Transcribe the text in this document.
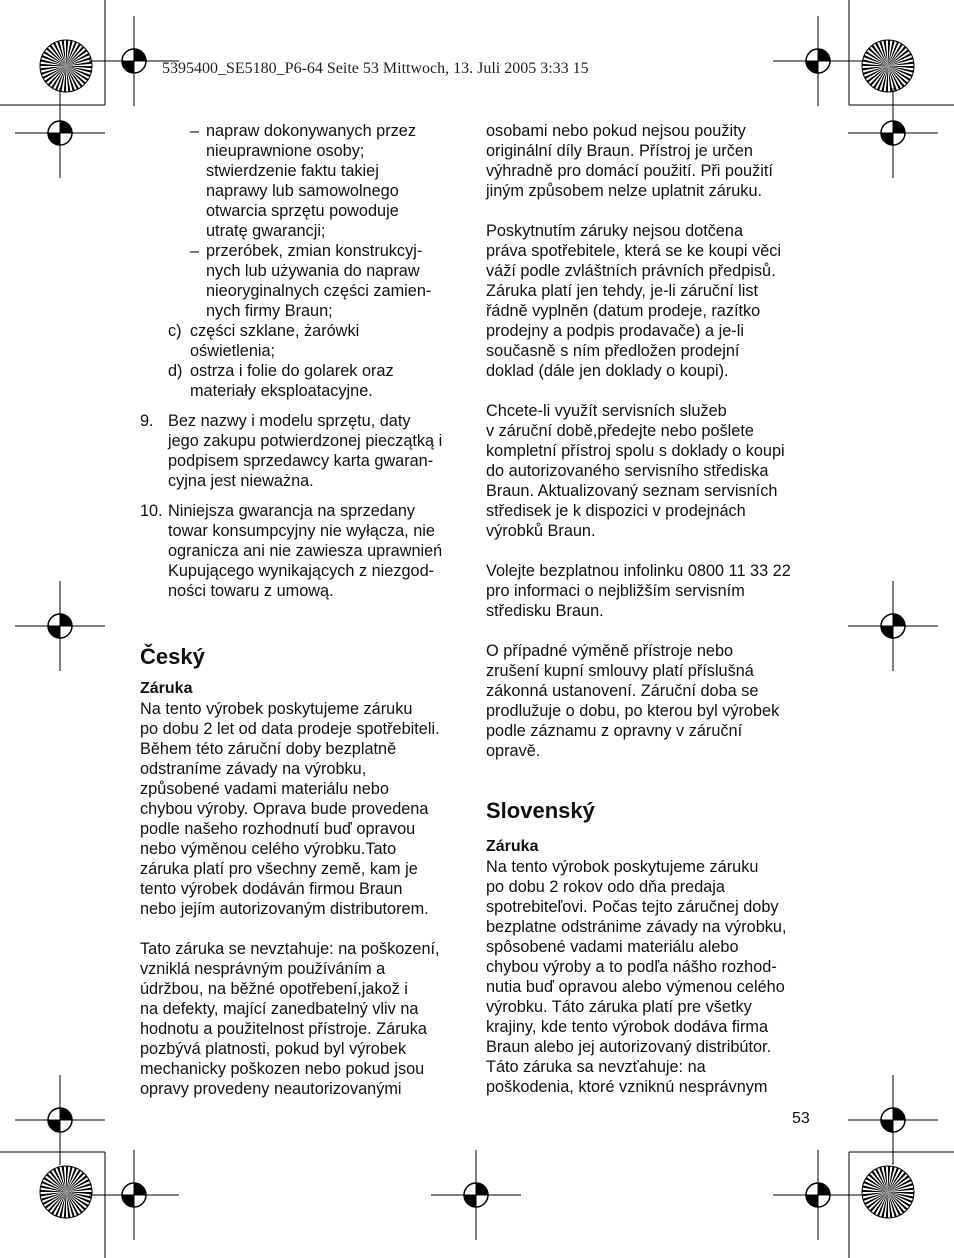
5395400_SE5180_P6-64 Seite 53 Mittwoch, 13. Juli 2005 3:33 15
– napraw dokonywanych przez
nieuprawnione osoby;
stwierdzenie faktu takiej
naprawy lub samowolnego
otwarcia sprzętu powoduje
utratę gwarancji;
– przeróbek, zmian konstrukcyj-
nych lub używania do napraw
nieoryginalnych części zamien-
nych firmy Braun;
c) części szklane, żarówki
oświetlenia;
d) ostrza i folie do golarek oraz
materiały eksploatacyjne.
9. Bez nazwy i modelu sprzętu, daty
jego zakupu potwierdzonej pieczątką i
podpisem sprzedawcy karta gwaran-
cyjna jest nieważna.
10. Niniejsza gwarancja na sprzedany
towar konsumpcyjny nie wyłącza, nie
ogranicza ani nie zawiesza uprawnień
Kupującego wynikających z niezgod-
ności towaru z umową.
Český
Záruka
Na tento výrobek poskytujeme záruku
po dobu 2 let od data prodeje spotřebiteli.
Během této záruční doby bezplatně
odstraníme závady na výrobku,
způsobené vadami materiálu nebo
chybou výroby. Oprava bude provedena
podle našeho rozhodnutí buď opravou
nebo výměnou celého výrobku.Tato
záruka platí pro všechny země, kam je
tento výrobek dodáván firmou Braun
nebo jejím autorizovaným distributorem.
Tato záruka se nevztahuje: na poškození,
vzniklá nesprávným používáním a
údržbou, na běžné opotřebení,jakož i
na defekty, mající zanedbatelný vliv na
hodnotu a použitelnost přístroje. Záruka
pozbývá platnosti, pokud byl výrobek
mechanicky poškozen nebo pokud jsou
opravy provedeny neautorizovanými
osobami nebo pokud nejsou použity
originální díly Braun. Přístroj je určen
výhradně pro domácí použití. Při použití
jiným způsobem nelze uplatnit záruku.
Poskytnutím záruky nejsou dotčena
práva spotřebitele, která se ke koupi věci
váží podle zvláštních právních předpisů.
Záruka platí jen tehdy, je-li záruční list
řádně vyplněn (datum prodeje, razítko
prodejny a podpis prodavače) a je-li
současně s ním předložen prodejní
doklad (dále jen doklady o koupi).
Chcete-li využít servisních služeb
v záruční době,předejte nebo pošlete
kompletní přístroj spolu s doklady o koupi
do autorizovaného servisního střediska
Braun. Aktualizovaný seznam servisních
středisek je k dispozici v prodejnách
výrobků Braun.
Volejte bezplatnou infolinku 0800 11 33 22
pro informaci o nejbližším servisním
středisku Braun.
O případné výměně přístroje nebo
zrušení kupní smlouvy platí příslušná
zákonná ustanovení. Záruční doba se
prodlužuje o dobu, po kterou byl výrobek
podle záznamu z opravny v záruční
opravě.
Slovenský
Záruka
Na tento výrobok poskytujeme záruku
po dobu 2 rokov odo dňa predaja
spotrebiteľovi. Počas tejto záručnej doby
bezplatne odstránime závady na výrobku,
spôsobené vadami materiálu alebo
chybou výroby a to podľa nášho rozhod-
nutia buď opravou alebo výmenou celého
výrobku. Táto záruka platí pre všetky
krajiny, kde tento výrobok dodáva firma
Braun alebo jej autorizovaný distribútor.
Táto záruka sa nevzťahuje: na
poškodenia, ktoré vzniknú nesprávnym
53
